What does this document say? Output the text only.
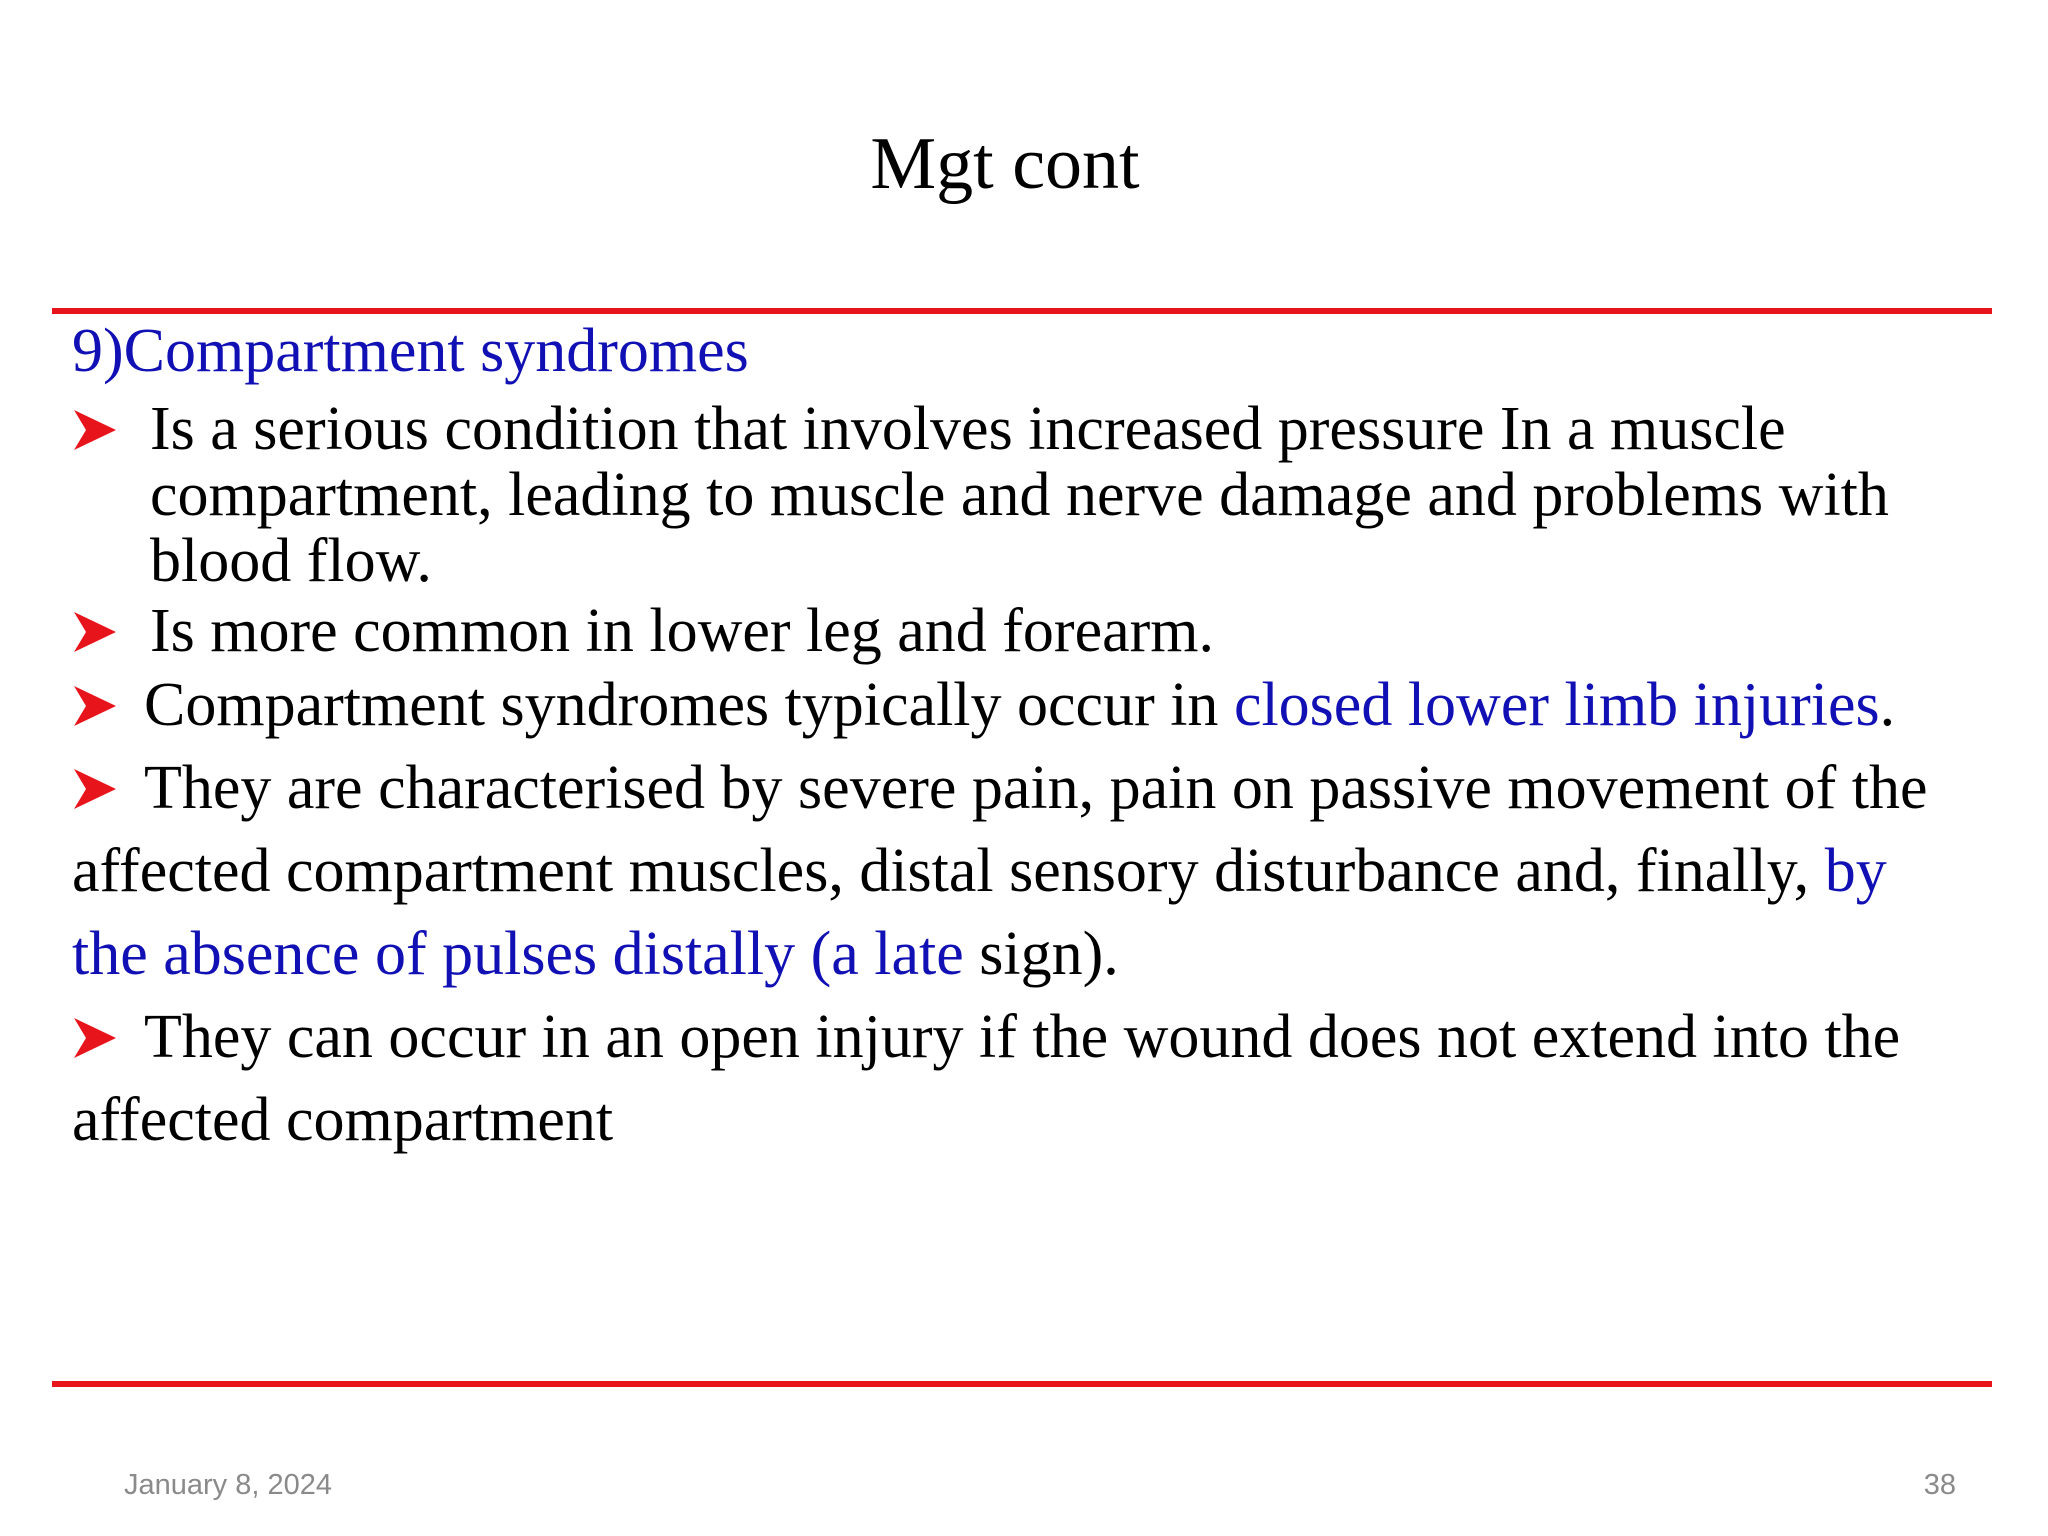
Mgt cont

9)Compartment syndromes

Is a serious condition that involves increased pressure In a muscle compartment, leading to muscle and nerve damage and problems with blood flow.

Is more common in lower leg and forearm.

Compartment syndromes typically occur in closed lower limb injuries.

They are characterised by severe pain, pain on passive movement of the affected compartment muscles, distal sensory disturbance and, finally, by the absence of pulses distally (a late sign).

They can occur in an open injury if the wound does not extend into the affected compartment

January 8, 2024	38
